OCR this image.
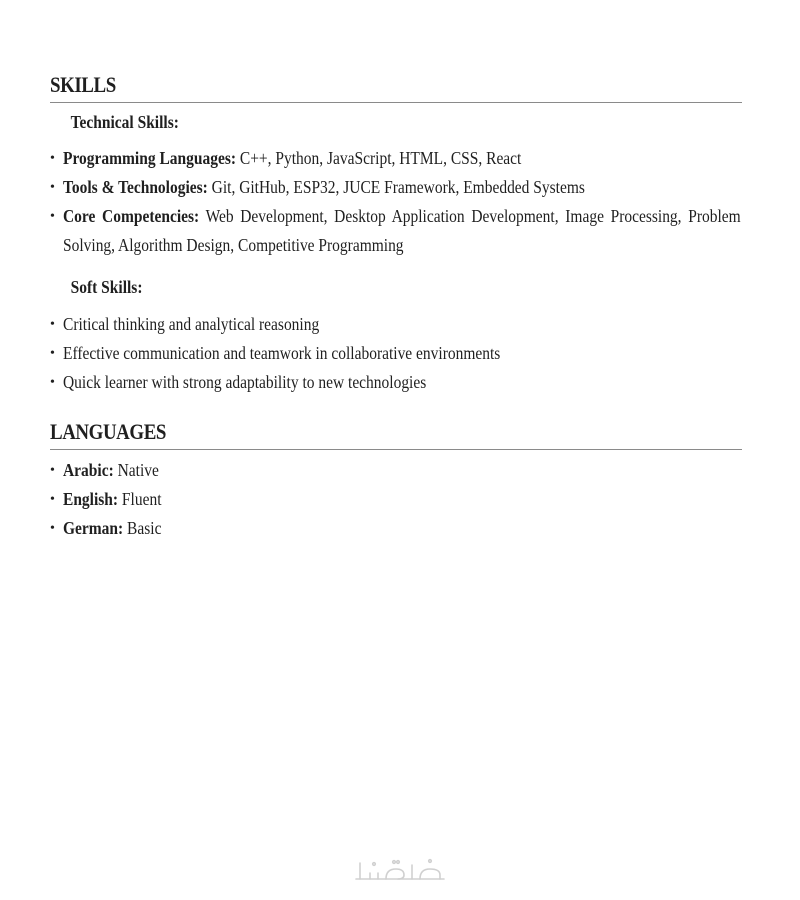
SKILLS
Technical Skills:
• Programming Languages: C++, Python, JavaScript, HTML, CSS, React
• Tools & Technologies: Git, GitHub, ESP32, JUCE Framework, Embedded Systems
• Core Competencies: Web Development, Desktop Application Development, Image Processing, Problem
Solving, Algorithm Design, Competitive Programming
Soft Skills:
• Critical thinking and analytical reasoning
• Effective communication and teamwork in collaborative environments
• Quick learner with strong adaptability to new technologies
LANGUAGES
• Arabic: Native
• English: Fluent
• German: Basic
